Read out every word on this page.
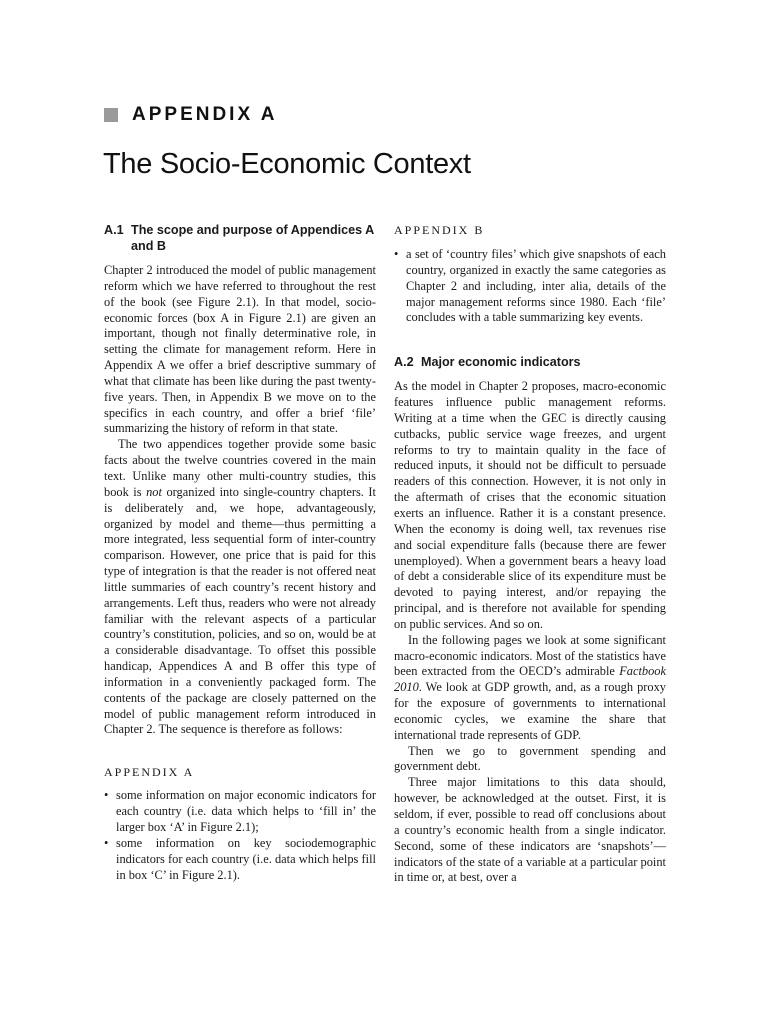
APPENDIX A
The Socio-Economic Context
A.1 The scope and purpose of Appendices A and B

Chapter 2 introduced the model of public management reform which we have referred to throughout the rest of the book (see Figure 2.1). In that model, socio-economic forces (box A in Figure 2.1) are given an important, though not finally determinative role, in setting the climate for management reform. Here in Appendix A we offer a brief descriptive summary of what that climate has been like during the past twenty-five years. Then, in Appendix B we move on to the specifics in each country, and offer a brief ‘file’ summarizing the history of reform in that state.

The two appendices together provide some basic facts about the twelve countries covered in the main text. Unlike many other multi-country studies, this book is not organized into single-country chapters. It is deliberately and, we hope, advantageously, organized by model and theme—thus permitting a more integrated, less sequential form of inter-country comparison. However, one price that is paid for this type of integration is that the reader is not offered neat little summaries of each country’s recent history and arrangements. Left thus, readers who were not already familiar with the relevant aspects of a particular country’s constitution, policies, and so on, would be at a considerable disadvantage. To offset this possible handicap, Appendices A and B offer this type of information in a conveniently packaged form. The contents of the package are closely patterned on the model of public management reform introduced in Chapter 2. The sequence is therefore as follows:

APPENDIX A

• some information on major economic indicators for each country (i.e. data which helps to ‘fill in’ the larger box ‘A’ in Figure 2.1);
• some information on key sociodemographic indicators for each country (i.e. data which helps fill in box ‘C’ in Figure 2.1).

APPENDIX B

• a set of ‘country files’ which give snapshots of each country, organized in exactly the same categories as Chapter 2 and including, inter alia, details of the major management reforms since 1980. Each ‘file’ concludes with a table summarizing key events.
A.2 Major economic indicators

As the model in Chapter 2 proposes, macro-economic features influence public management reforms. Writing at a time when the GEC is directly causing cutbacks, public service wage freezes, and urgent reforms to try to maintain quality in the face of reduced inputs, it should not be difficult to persuade readers of this connection. However, it is not only in the aftermath of crises that the economic situation exerts an influence. Rather it is a constant presence. When the economy is doing well, tax revenues rise and social expenditure falls (because there are fewer unemployed). When a government bears a heavy load of debt a considerable slice of its expenditure must be devoted to paying interest, and/or repaying the principal, and is therefore not available for spending on public services. And so on.

In the following pages we look at some significant macro-economic indicators. Most of the statistics have been extracted from the OECD’s admirable Factbook 2010. We look at GDP growth, and, as a rough proxy for the exposure of governments to international economic cycles, we examine the share that international trade represents of GDP.

Then we go to government spending and government debt.

Three major limitations to this data should, however, be acknowledged at the outset. First, it is seldom, if ever, possible to read off conclusions about a country’s economic health from a single indicator. Second, some of these indicators are ‘snapshots’—indicators of the state of a variable at a particular point in time or, at best, over a
